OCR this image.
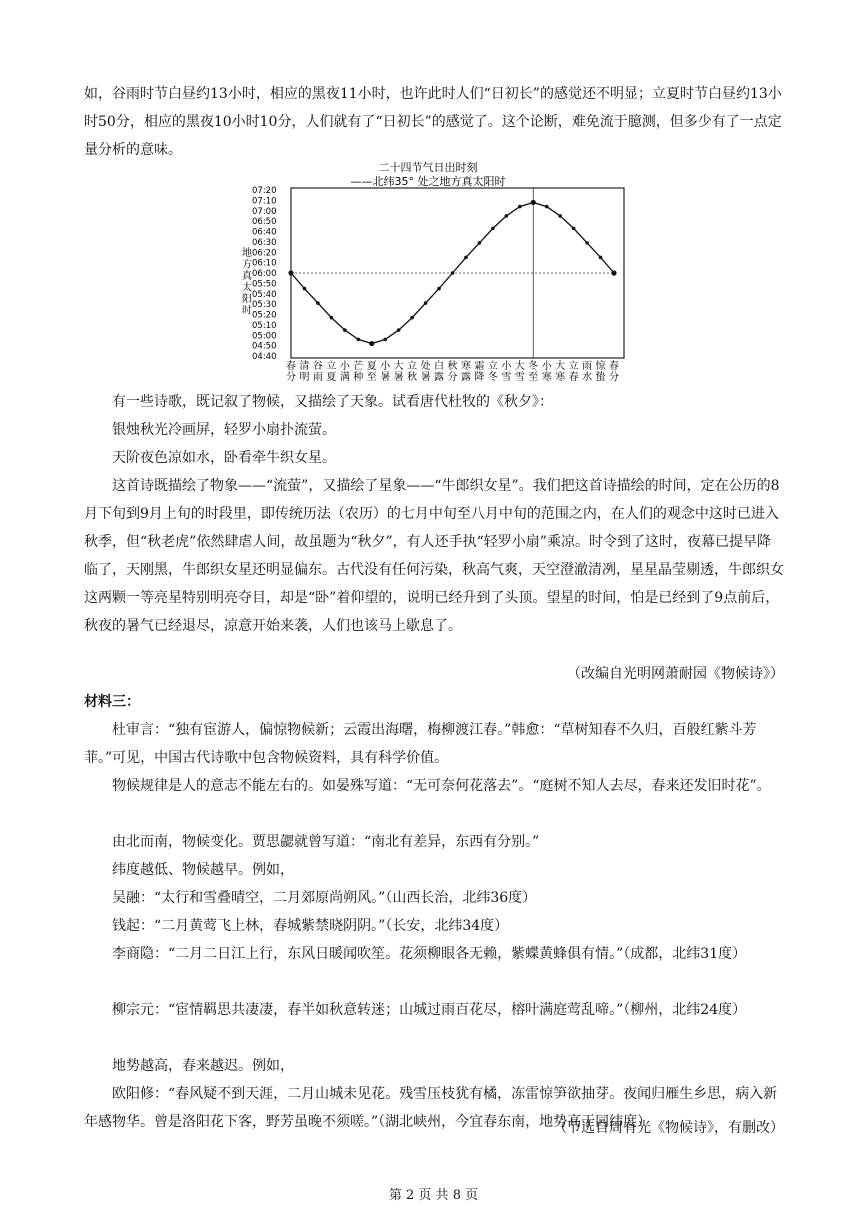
如，谷雨时节白昼约13小时，相应的黑夜11小时，也许此时人们“日初长”的感觉还不明显；立夏时节白昼约13小时50分，相应的黑夜10小时10分，人们就有了“日初长”的感觉了。这个论断，难免流于臆测，但多少有了一点定量分析的意味。

二十四节气日出时刻
——北纬35° 处之地方真太阳时
07:20
07:10
07:00
06:50
06:40
06:30
06:20
06:10
06:00
05:50
05:40
05:30
05:20
05:10
05:00
04:50
04:40
地方真太阳时
春分
清明
谷雨
立夏
小满
芒种
夏至
小暑
大暑
立秋
处暑
白露
秋分
寒露
霜降
立冬
小雪
大雪
冬至
小寒
大寒
立春
雨水
惊蛰
春分

有一些诗歌，既记叙了物候，又描绘了天象。试看唐代杜牧的《秋夕》：

银烛秋光冷画屏，轻罗小扇扑流萤。

天阶夜色凉如水，卧看牵牛织女星。

这首诗既描绘了物象——“流萤”，又描绘了星象——“牛郎织女星”。我们把这首诗描绘的时间，定在公历的8月下旬到9月上旬的时段里，即传统历法（农历）的七月中旬至八月中旬的范围之内，在人们的观念中这时已进入秋季，但“秋老虎”依然肆虐人间，故虽题为“秋夕”，有人还手执“轻罗小扇”乘凉。时令到了这时，夜幕已提早降临了，天刚黑，牛郎织女星还明显偏东。古代没有任何污染，秋高气爽，天空澄澈清冽，星星晶莹剔透，牛郎织女这两颗一等亮星特别明亮夺目，却是“卧”着仰望的，说明已经升到了头顶。望星的时间，怕是已经到了9点前后，秋夜的暑气已经退尽，凉意开始来袭，人们也该马上歇息了。

（改编自光明网萧耐园《物候诗》）

材料三：

杜审言：“独有宦游人，偏惊物候新；云霞出海曙，梅柳渡江春。”韩愈：“草树知春不久归，百般红紫斗芳菲。”可见，中国古代诗歌中包含物候资料，具有科学价值。

物候规律是人的意志不能左右的。如晏殊写道：“无可奈何花落去”。“庭树不知人去尽，春来还发旧时花”。

由北而南，物候变化。贾思勰就曾写道：“南北有差异，东西有分别。”

纬度越低、物候越早。例如，

吴融：“太行和雪叠晴空，二月郊原尚朔风。”（山西长治，北纬36度）

钱起：“二月黄莺飞上林，春城紫禁晓阴阴。”（长安，北纬34度）

李商隐：“二月二日江上行，东风日暖闻吹笙。花须柳眼各无赖，紫蝶黄蜂俱有情。”（成都，北纬31度）

柳宗元：“宦情羁思共凄凄，春半如秋意转迷；山城过雨百花尽，榕叶满庭莺乱啼。”（柳州，北纬24度）

地势越高，春来越迟。例如，

欧阳修：“春风疑不到天涯，二月山城未见花。残雪压枝犹有橘，冻雷惊笋欲抽芽。夜闻归雁生乡思，病入新年感物华。曾是洛阳花下客，野芳虽晚不须嗟。”（湖北峡州，今宜春东南，地势高于同纬度）

（节选自周有光《物候诗》，有删改）

第 2 页 共 8 页
